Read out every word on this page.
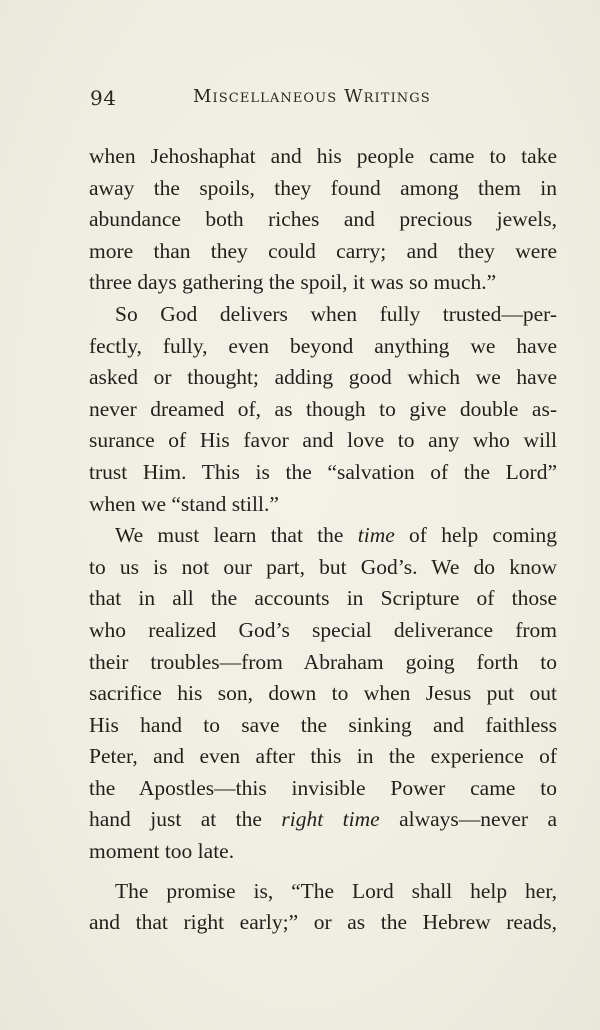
94	Miscellaneous Writings
when Jehoshaphat and his people came to take
away the spoils, they found among them in
abundance both riches and precious jewels,
more than they could carry; and they were
three days gathering the spoil, it was so much.”
So God delivers when fully trusted—per-
fectly, fully, even beyond anything we have
asked or thought; adding good which we have
never dreamed of, as though to give double as-
surance of His favor and love to any who will
trust Him. This is the “salvation of the Lord”
when we “stand still.”
We must learn that the time of help coming
to us is not our part, but God’s. We do know
that in all the accounts in Scripture of those
who realized God’s special deliverance from
their troubles—from Abraham going forth to
sacrifice his son, down to when Jesus put out
His hand to save the sinking and faithless
Peter, and even after this in the experience of
the Apostles—this invisible Power came to
hand just at the right time always—never a
moment too late.
The promise is, “The Lord shall help her,
and that right early;” or as the Hebrew reads,
